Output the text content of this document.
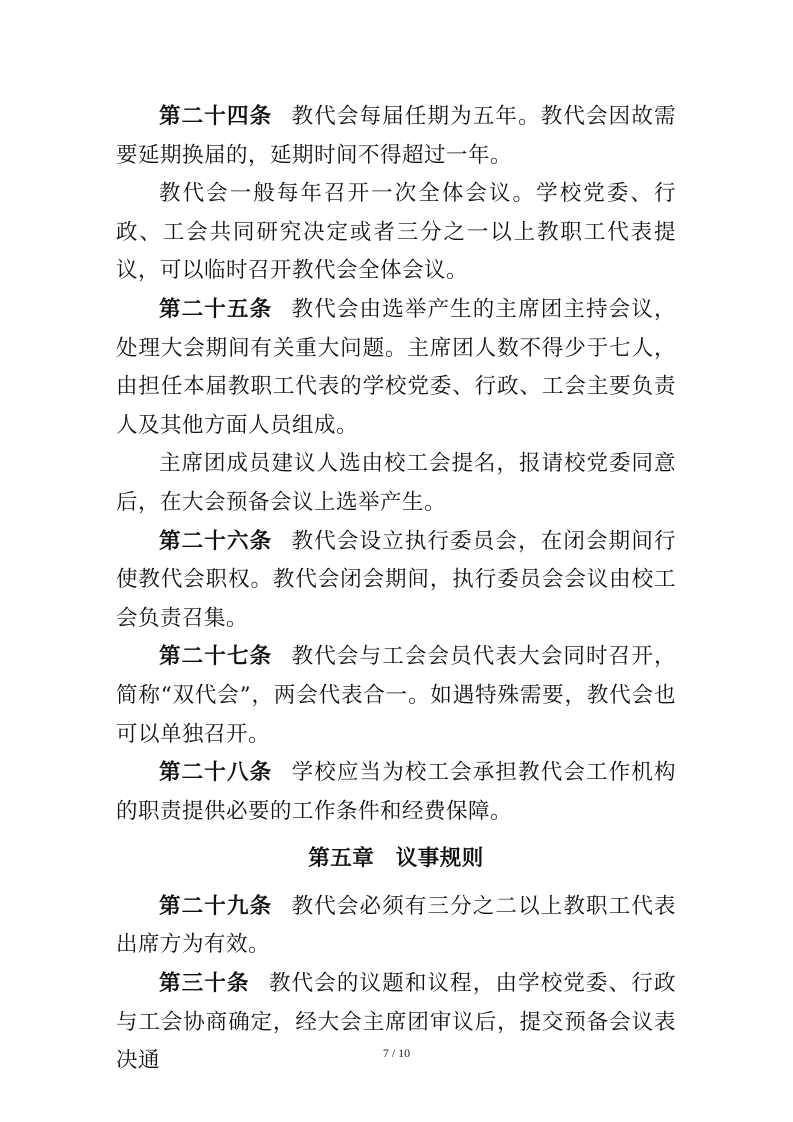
第二十四条 教代会每届任期为五年。教代会因故需要延期换届的，延期时间不得超过一年。

教代会一般每年召开一次全体会议。学校党委、行政、工会共同研究决定或者三分之一以上教职工代表提议，可以临时召开教代会全体会议。

第二十五条 教代会由选举产生的主席团主持会议，处理大会期间有关重大问题。主席团人数不得少于七人，由担任本届教职工代表的学校党委、行政、工会主要负责人及其他方面人员组成。

主席团成员建议人选由校工会提名，报请校党委同意后，在大会预备会议上选举产生。

第二十六条 教代会设立执行委员会，在闭会期间行使教代会职权。教代会闭会期间，执行委员会会议由校工会负责召集。

第二十七条 教代会与工会会员代表大会同时召开，简称“双代会”，两会代表合一。如遇特殊需要，教代会也可以单独召开。

第二十八条 学校应当为校工会承担教代会工作机构的职责提供必要的工作条件和经费保障。

第五章 议事规则

第二十九条 教代会必须有三分之二以上教职工代表出席方为有效。

第三十条 教代会的议题和议程，由学校党委、行政与工会协商确定，经大会主席团审议后，提交预备会议表决通	7 / 10
